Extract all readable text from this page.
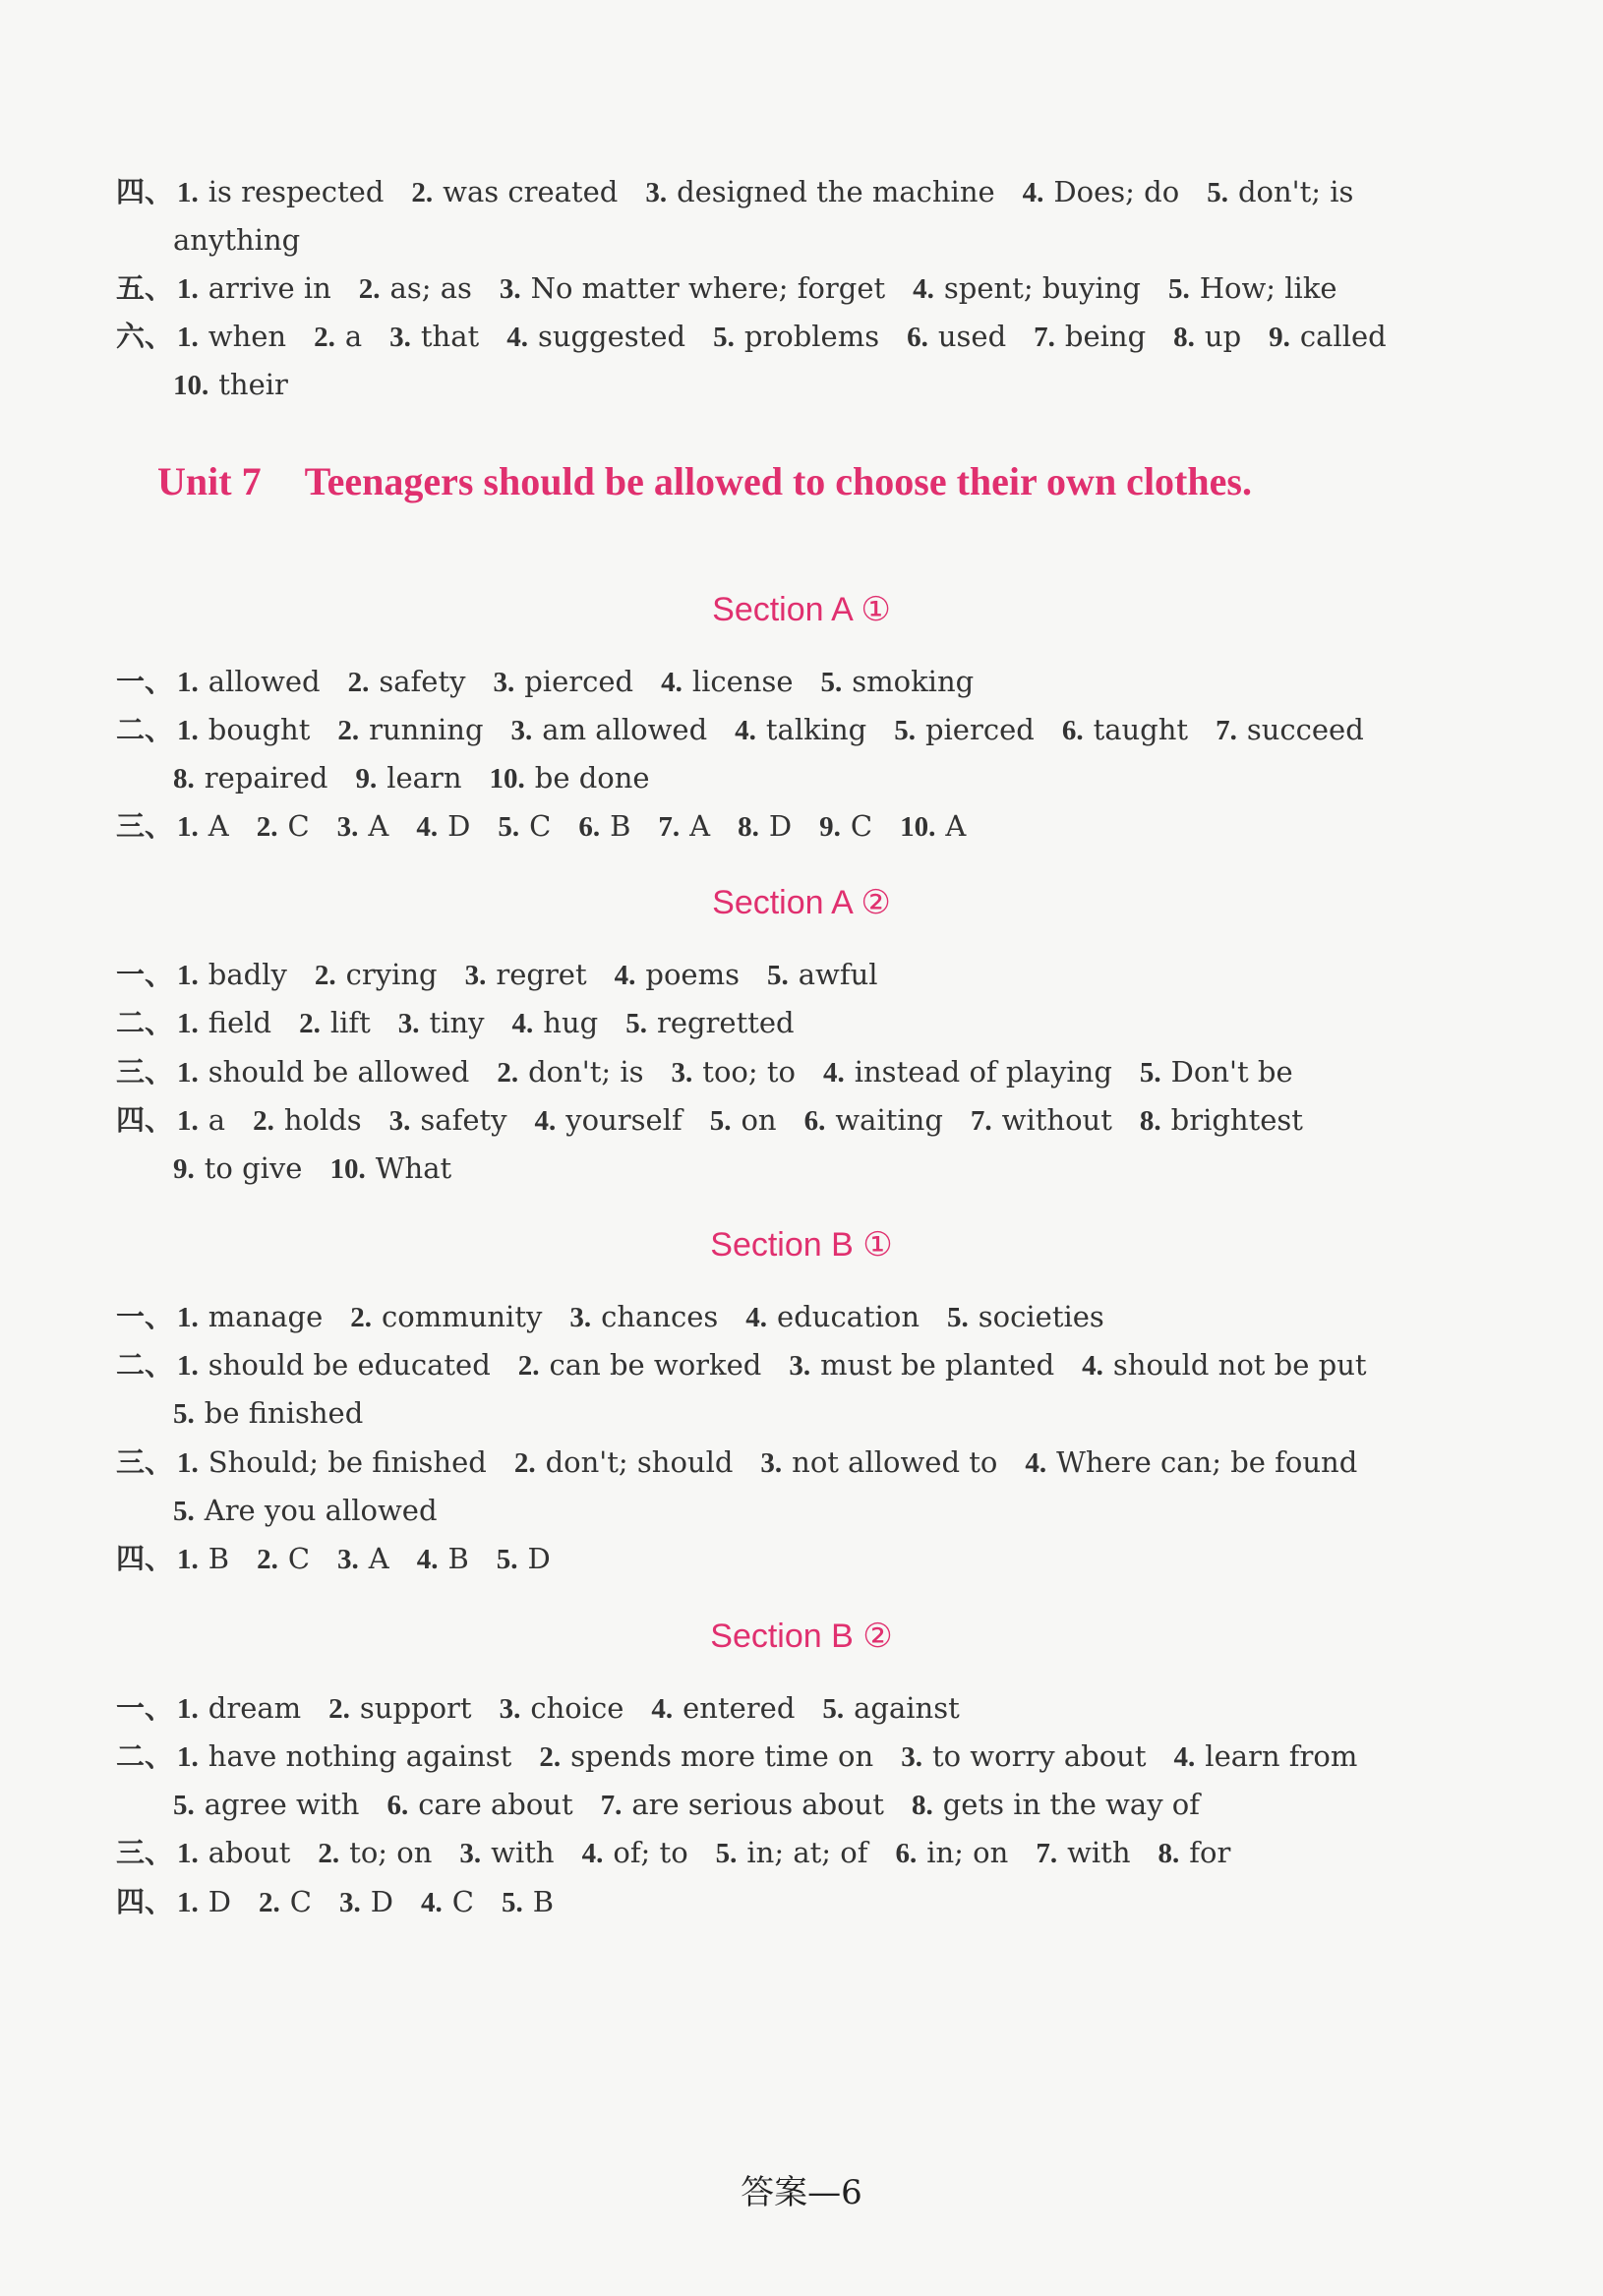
四、 1. is respected 2. was created 3. designed the machine 4. Does; do 5. don't; is
anything
五、 1. arrive in 2. as; as 3. No matter where; forget 4. spent; buying 5. How; like
六、 1. when 2. a 3. that 4. suggested 5. problems 6. used 7. being 8. up 9. called
10. their
Unit 7 Teenagers should be allowed to choose their own clothes.
Section A ①
一、 1. allowed 2. safety 3. pierced 4. license 5. smoking
二、 1. bought 2. running 3. am allowed 4. talking 5. pierced 6. taught 7. succeed
8. repaired 9. learn 10. be done
三、 1. A 2. C 3. A 4. D 5. C 6. B 7. A 8. D 9. C 10. A
Section A ②
一、 1. badly 2. crying 3. regret 4. poems 5. awful
二、 1. field 2. lift 3. tiny 4. hug 5. regretted
三、 1. should be allowed 2. don't; is 3. too; to 4. instead of playing 5. Don't be
四、 1. a 2. holds 3. safety 4. yourself 5. on 6. waiting 7. without 8. brightest
9. to give 10. What
Section B ①
一、 1. manage 2. community 3. chances 4. education 5. societies
二、 1. should be educated 2. can be worked 3. must be planted 4. should not be put
5. be finished
三、 1. Should; be finished 2. don't; should 3. not allowed to 4. Where can; be found
5. Are you allowed
四、 1. B 2. C 3. A 4. B 5. D
Section B ②
一、 1. dream 2. support 3. choice 4. entered 5. against
二、 1. have nothing against 2. spends more time on 3. to worry about 4. learn from
5. agree with 6. care about 7. are serious about 8. gets in the way of
三、 1. about 2. to; on 3. with 4. of; to 5. in; at; of 6. in; on 7. with 8. for
四、 1. D 2. C 3. D 4. C 5. B
答案—6
